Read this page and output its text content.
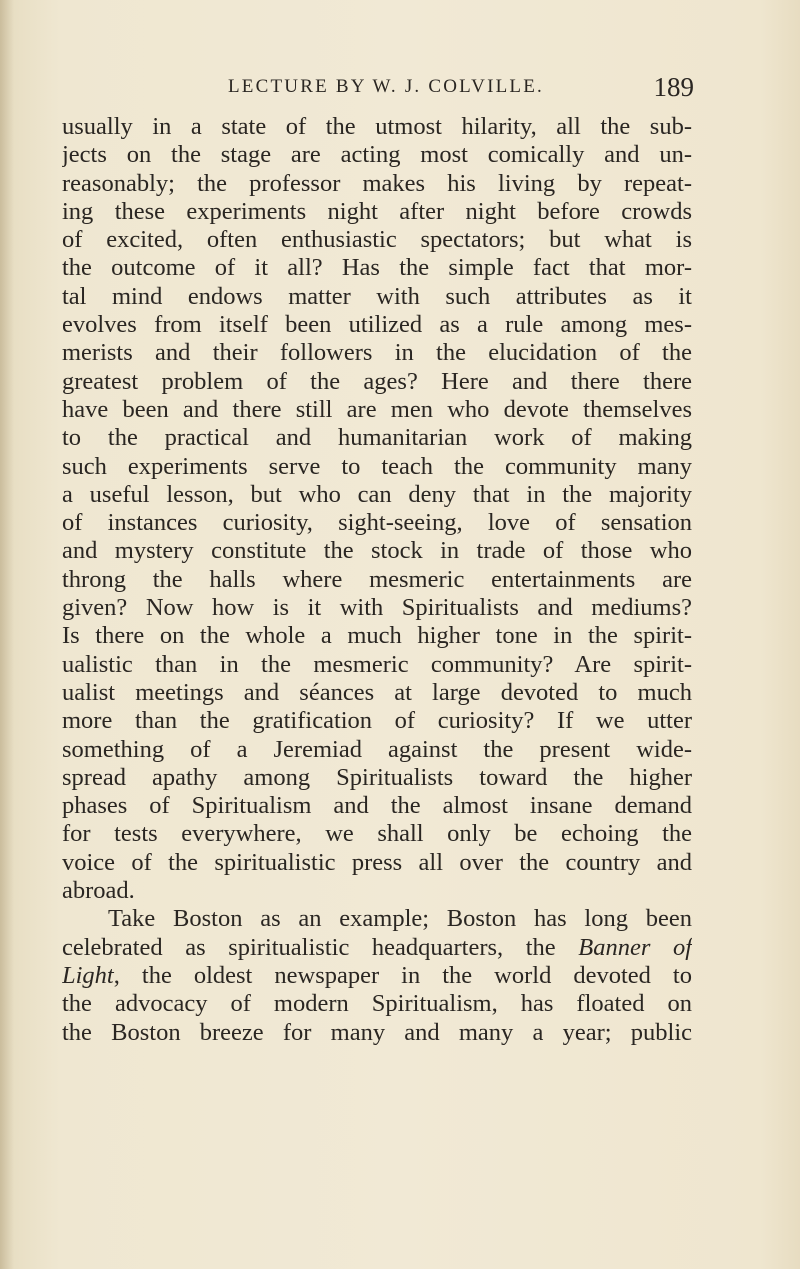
LECTURE BY W. J. COLVILLE.	189
usually in a state of the utmost hilarity, all the sub-
jects on the stage are acting most comically and un-
reasonably; the professor makes his living by repeat-
ing these experiments night after night before crowds
of excited, often enthusiastic spectators; but what is
the outcome of it all? Has the simple fact that mor-
tal mind endows matter with such attributes as it
evolves from itself been utilized as a rule among mes-
merists and their followers in the elucidation of the
greatest problem of the ages? Here and there there
have been and there still are men who devote themselves
to the practical and humanitarian work of making
such experiments serve to teach the community many
a useful lesson, but who can deny that in the majority
of instances curiosity, sight-seeing, love of sensation
and mystery constitute the stock in trade of those who
throng the halls where mesmeric entertainments are
given? Now how is it with Spiritualists and mediums?
Is there on the whole a much higher tone in the spirit-
ualistic than in the mesmeric community? Are spirit-
ualist meetings and séances at large devoted to much
more than the gratification of curiosity? If we utter
something of a Jeremiad against the present wide-
spread apathy among Spiritualists toward the higher
phases of Spiritualism and the almost insane demand
for tests everywhere, we shall only be echoing the
voice of the spiritualistic press all over the country and
abroad.
Take Boston as an example; Boston has long been
celebrated as spiritualistic headquarters, the Banner of
Light, the oldest newspaper in the world devoted to
the advocacy of modern Spiritualism, has floated on
the Boston breeze for many and many a year; public
